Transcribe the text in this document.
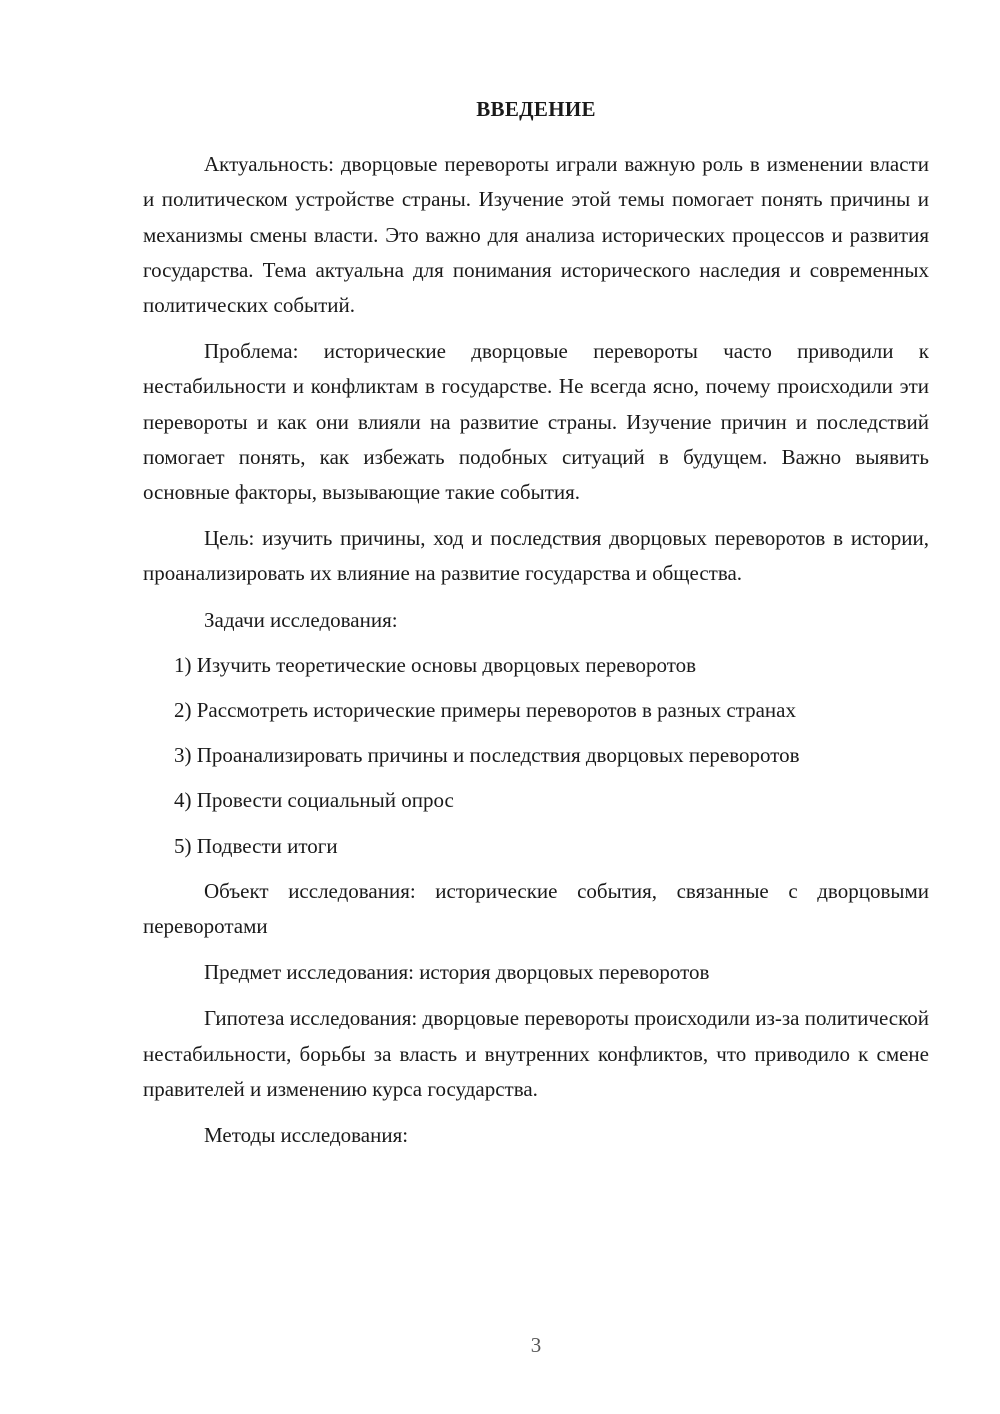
ВВЕДЕНИЕ

Актуальность: дворцовые перевороты играли важную роль в изменении власти и политическом устройстве страны. Изучение этой темы помогает понять причины и механизмы смены власти. Это важно для анализа исторических процессов и развития государства. Тема актуальна для понимания исторического наследия и современных политических событий.

Проблема: исторические дворцовые перевороты часто приводили к нестабильности и конфликтам в государстве. Не всегда ясно, почему происходили эти перевороты и как они влияли на развитие страны. Изучение причин и последствий помогает понять, как избежать подобных ситуаций в будущем. Важно выявить основные факторы, вызывающие такие события.

Цель: изучить причины, ход и последствия дворцовых переворотов в истории, проанализировать их влияние на развитие государства и общества.

Задачи исследования:

1) Изучить теоретические основы дворцовых переворотов
2) Рассмотреть исторические примеры переворотов в разных странах
3) Проанализировать причины и последствия дворцовых переворотов
4) Провести социальный опрос
5) Подвести итоги

Объект исследования: исторические события, связанные с дворцовыми переворотами

Предмет исследования: история дворцовых переворотов

Гипотеза исследования: дворцовые перевороты происходили из-за политической нестабильности, борьбы за власть и внутренних конфликтов, что приводило к смене правителей и изменению курса государства.

Методы исследования:

3
